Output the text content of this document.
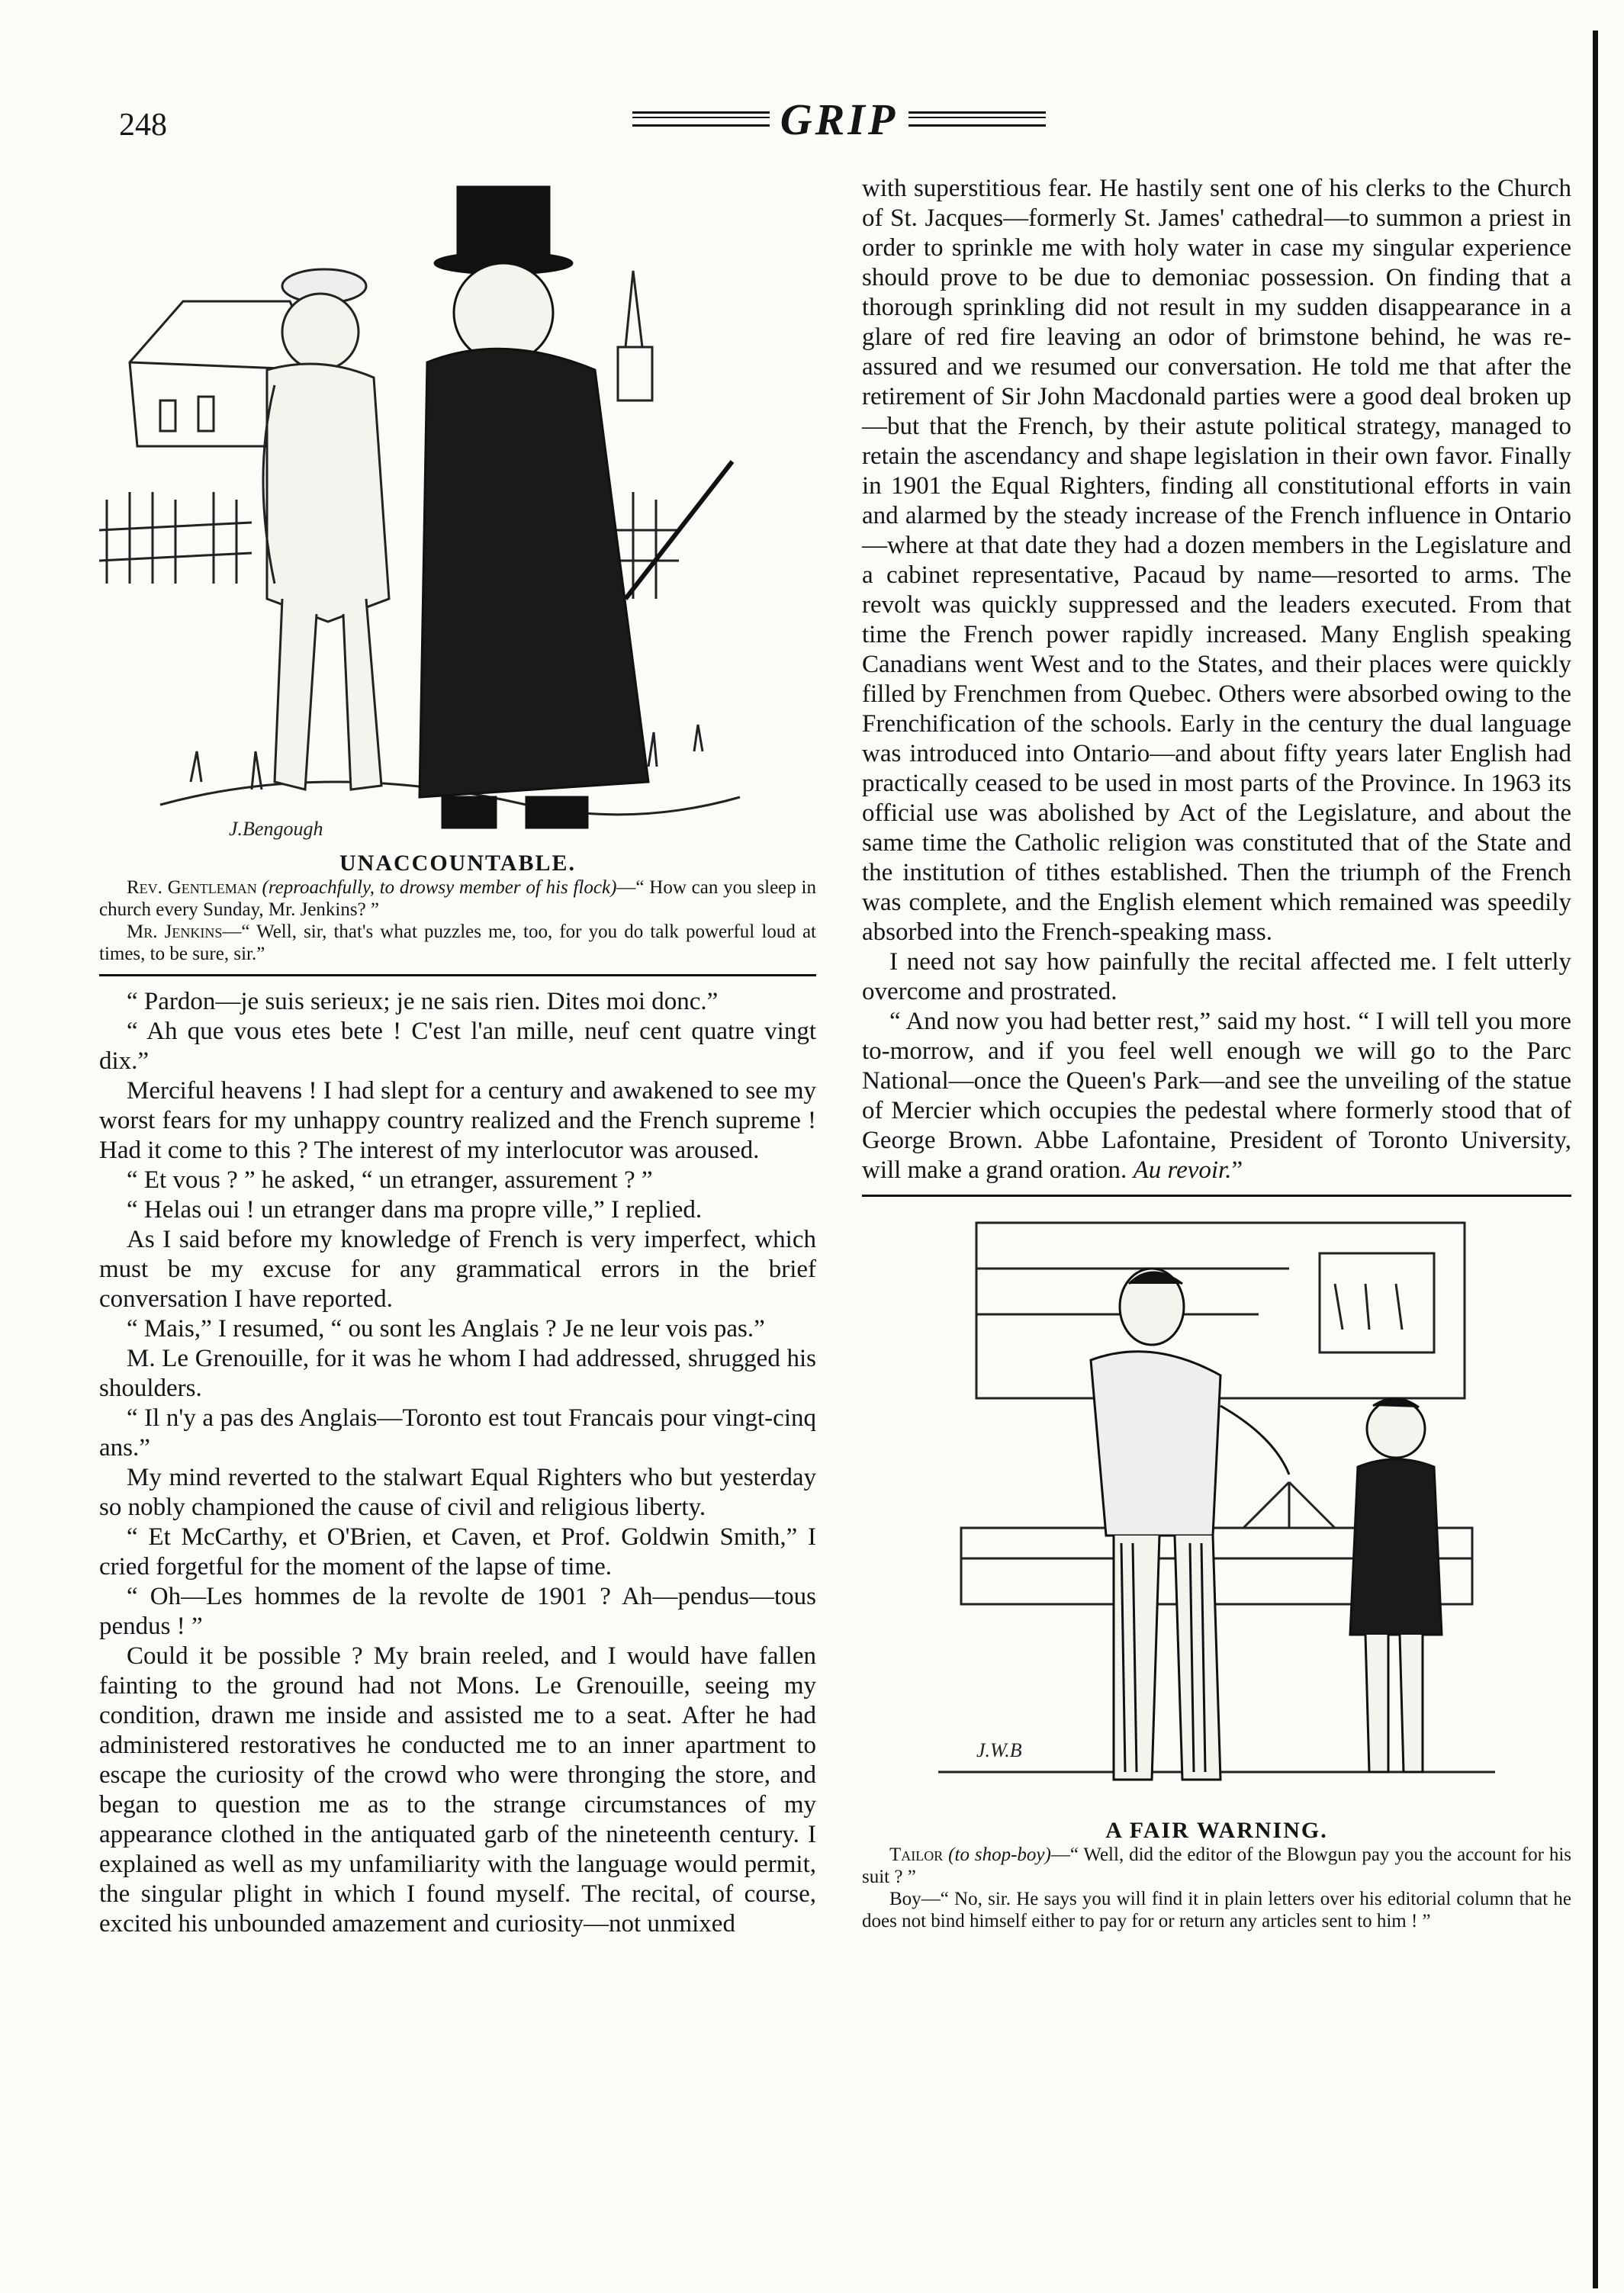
248	GRIP
J.Bengough
UNACCOUNTABLE.

Rev. Gentleman (reproachfully, to drowsy member of his flock)—“ How can you sleep in church every Sunday, Mr. Jenkins? ”

Mr. Jenkins—“ Well, sir, that's what puzzles me, too, for you do talk powerful loud at times, to be sure, sir.”

“ Pardon—je suis serieux; je ne sais rien. Dites moi donc.”

“ Ah que vous etes bete ! C'est l'an mille, neuf cent quatre vingt dix.”

Merciful heavens ! I had slept for a century and awakened to see my worst fears for my unhappy country realized and the French supreme ! Had it come to this ? The interest of my interlocutor was aroused.

“ Et vous ? ” he asked, “ un etranger, assurement ? ”

“ Helas oui ! un etranger dans ma propre ville,” I replied.

As I said before my knowledge of French is very imperfect, which must be my excuse for any grammatical errors in the brief conversation I have reported.

“ Mais,” I resumed, “ ou sont les Anglais ? Je ne leur vois pas.”

M. Le Grenouille, for it was he whom I had addressed, shrugged his shoulders.

“ Il n'y a pas des Anglais—Toronto est tout Francais pour vingt-cinq ans.”

My mind reverted to the stalwart Equal Righters who but yesterday so nobly championed the cause of civil and religious liberty.

“ Et McCarthy, et O'Brien, et Caven, et Prof. Goldwin Smith,” I cried forgetful for the moment of the lapse of time.

“ Oh—Les hommes de la revolte de 1901 ? Ah—pendus—tous pendus ! ”

Could it be possible ? My brain reeled, and I would have fallen fainting to the ground had not Mons. Le Grenouille, seeing my condition, drawn me inside and assisted me to a seat. After he had administered restoratives he conducted me to an inner apartment to escape the curiosity of the crowd who were thronging the store, and began to question me as to the strange circumstances of my appearance clothed in the antiquated garb of the nineteenth century. I explained as well as my unfamiliarity with the language would permit, the singular plight in which I found myself. The recital, of course, excited his unbounded amazement and curiosity—not unmixed

with superstitious fear. He hastily sent one of his clerks to the Church of St. Jacques—formerly St. James' cathedral—to summon a priest in order to sprinkle me with holy water in case my singular experience should prove to be due to demoniac possession. On finding that a thorough sprinkling did not result in my sudden disappearance in a glare of red fire leaving an odor of brimstone behind, he was re-assured and we resumed our conversation. He told me that after the retirement of Sir John Macdonald parties were a good deal broken up —but that the French, by their astute political strategy, managed to retain the ascendancy and shape legislation in their own favor. Finally in 1901 the Equal Righters, finding all constitutional efforts in vain and alarmed by the steady increase of the French influence in Ontario—where at that date they had a dozen members in the Legislature and a cabinet representative, Pacaud by name—resorted to arms. The revolt was quickly suppressed and the leaders executed. From that time the French power rapidly increased. Many English speaking Canadians went West and to the States, and their places were quickly filled by Frenchmen from Quebec. Others were absorbed owing to the Frenchification of the schools. Early in the century the dual language was introduced into Ontario—and about fifty years later English had practically ceased to be used in most parts of the Province. In 1963 its official use was abolished by Act of the Legislature, and about the same time the Catholic religion was constituted that of the State and the institution of tithes established. Then the triumph of the French was complete, and the English element which remained was speedily absorbed into the French-speaking mass.

I need not say how painfully the recital affected me. I felt utterly overcome and prostrated.

“ And now you had better rest,” said my host. “ I will tell you more to-morrow, and if you feel well enough we will go to the Parc National—once the Queen's Park—and see the unveiling of the statue of Mercier which occupies the pedestal where formerly stood that of George Brown. Abbe Lafontaine, President of Toronto University, will make a grand oration. Au revoir.”

J.W.B
A FAIR WARNING.

Tailor (to shop-boy)—“ Well, did the editor of the Blowgun pay you the account for his suit ? ”

Boy—“ No, sir. He says you will find it in plain letters over his editorial column that he does not bind himself either to pay for or return any articles sent to him ! ”
